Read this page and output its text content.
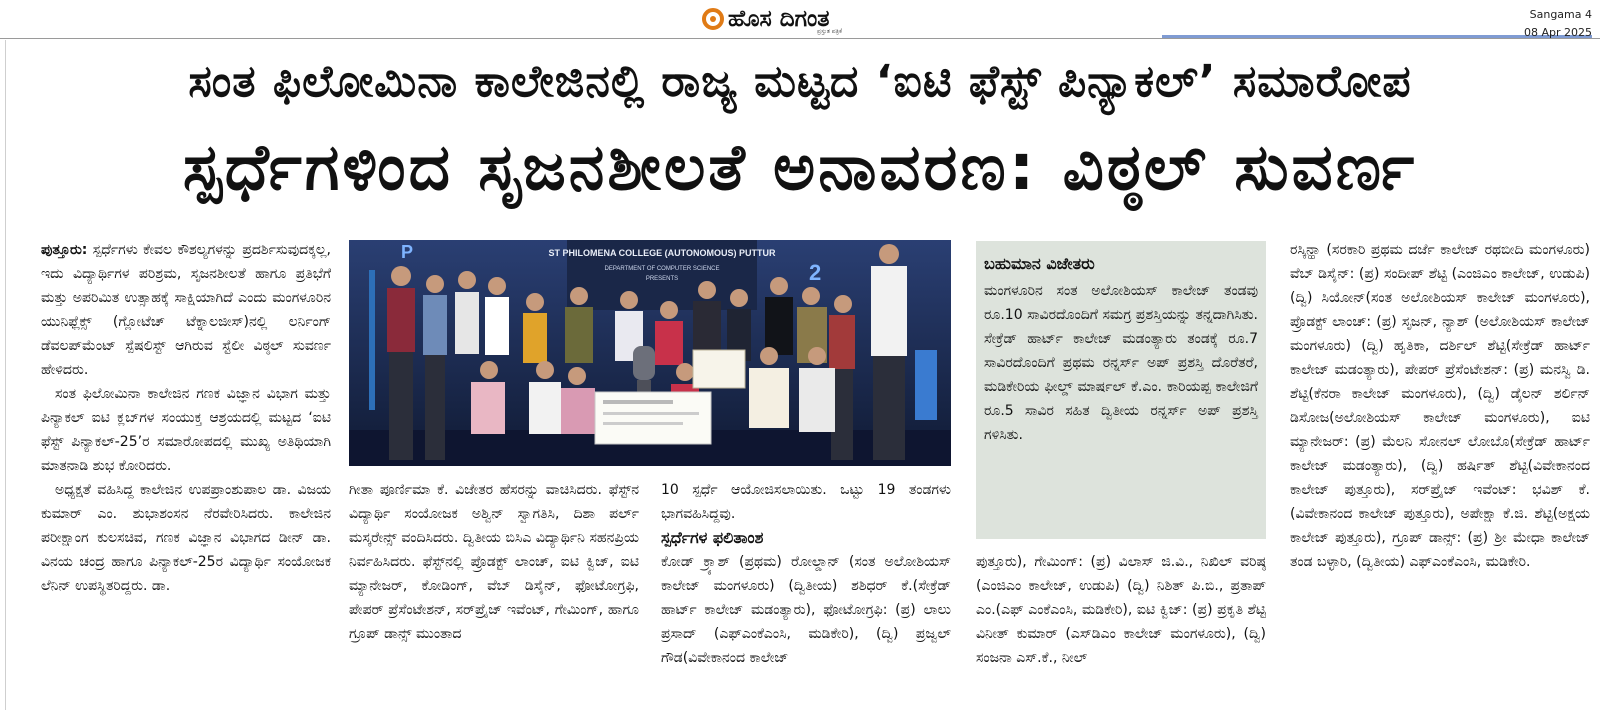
ಹೊಸ ದಿಗಂತ
ಪ್ರಸ್ತುತ ಪತ್ರಿಕೆ
Sangama 4
08 Apr 2025
ಸಂತ ಫಿಲೋಮಿನಾ ಕಾಲೇಜಿನಲ್ಲಿ ರಾಜ್ಯ ಮಟ್ಟದ ‘ಐಟಿ ಫೆಸ್ಟ್ ಪಿನ್ಯಾಕಲ್’ ಸಮಾರೋಪ
ಸ್ಪರ್ಧೆಗಳಿಂದ ಸೃಜನಶೀಲತೆ ಅನಾವರಣ: ವಿಠ್ಠಲ್ ಸುವರ್ಣ

ಪುತ್ತೂರು: ಸ್ಪರ್ಧೆಗಳು ಕೇವಲ ಕೌಶಲ್ಯಗಳನ್ನು ಪ್ರದರ್ಶಿಸುವುದಕ್ಕಲ್ಲ, ಇದು ವಿದ್ಯಾರ್ಥಿಗಳ ಪರಿಶ್ರಮ, ಸೃಜನಶೀಲತೆ ಹಾಗೂ ಪ್ರತಿಭೆಗೆ ಮತ್ತು ಅಪರಿಮಿತ ಉತ್ಸಾಹಕ್ಕೆ ಸಾಕ್ಷಿಯಾಗಿದೆ ಎಂದು ಮಂಗಳೂರಿನ ಯುನಿಫ್ಲೆಕ್ಸ್ (ಗ್ಲೋಟೆಚ್ ಟೆಕ್ನಾಲಜೀಸ್)ನಲ್ಲಿ ಲರ್ನಿಂಗ್ ಡೆವಲಪ್‌ಮೆಂಟ್ ಸ್ಪೆಷಲಿಸ್ಟ್ ಆಗಿರುವ ಸ್ಟೆಲೀ ವಿಠ್ಠಲ್ ಸುವರ್ಣ ಹೇಳಿದರು.

ಸಂತ ಫಿಲೋಮಿನಾ ಕಾಲೇಜಿನ ಗಣಕ ವಿಜ್ಞಾನ ವಿಭಾಗ ಮತ್ತು ಪಿನ್ಯಾಕಲ್ ಐಟಿ ಕ್ಲಬ್‌ಗಳ ಸಂಯುಕ್ತ ಆಶ್ರಯದಲ್ಲಿ ಮಟ್ಟದ ‘ಐಟಿ ಫೆಸ್ಟ್ ಪಿನ್ಯಾಕಲ್-25’ರ ಸಮಾರೋಪದಲ್ಲಿ ಮುಖ್ಯ ಅತಿಥಿಯಾಗಿ ಮಾತನಾಡಿ ಶುಭ ಕೋರಿದರು.

ಅಧ್ಯಕ್ಷತೆ ವಹಿಸಿದ್ದ ಕಾಲೇಜಿನ ಉಪಪ್ರಾಂಶುಪಾಲ ಡಾ. ವಿಜಯ ಕುಮಾರ್ ಎಂ. ಶುಭಾಶಂಸನ ನೆರವೇರಿಸಿದರು. ಕಾಲೇಜಿನ ಪರೀಕ್ಷಾಂಗ ಕುಲಸಚಿವ, ಗಣಕ ವಿಜ್ಞಾನ ವಿಭಾಗದ ಡೀನ್ ಡಾ. ವಿನಯ ಚಂದ್ರ ಹಾಗೂ ಪಿನ್ಯಾಕಲ್-25ರ ವಿದ್ಯಾರ್ಥಿ ಸಂಯೋಜಕ ಲೆನಿನ್ ಉಪಸ್ಥಿತರಿದ್ದರು. ಡಾ.

ST PHILOMENA COLLEGE (AUTONOMOUS) PUTTUR
DEPARTMENT OF COMPUTER SCIENCE
PRESENTS
P
2

ಗೀತಾ ಪೂರ್ಣಿಮಾ ಕೆ. ವಿಜೇತರ ಹೆಸರನ್ನು ವಾಚಿಸಿದರು. ಫೆಸ್ಟ್‌ನ ವಿದ್ಯಾರ್ಥಿ ಸಂಯೋಜಕ ಅಶ್ವಿನ್ ಸ್ವಾಗತಿಸಿ, ದಿಶಾ ಪರ್ಲ್ ಮಸ್ಕರೇನ್ಸ್ ವಂದಿಸಿದರು. ದ್ವಿತೀಯ ಬಿಸಿಎ ವಿದ್ಯಾರ್ಥಿನಿ ಸಹನಪ್ರಿಯ ನಿರ್ವಹಿಸಿದರು. ಫೆಸ್ಟ್‌ನಲ್ಲಿ ಪ್ರೊಡಕ್ಟ್ ಲಾಂಚ್, ಐಟಿ ಕ್ವಿಜ್, ಐಟಿ ಮ್ಯಾನೇಜರ್, ಕೋಡಿಂಗ್, ವೆಬ್ ಡಿಸೈನ್, ಫೋಟೋಗ್ರಫಿ, ಪೇಪರ್ ಪ್ರೆಸೆಂಟೇಶನ್, ಸರ್‌ಪ್ರೈಜ್ ಇವೆಂಟ್, ಗೇಮಿಂಗ್, ಹಾಗೂ ಗ್ರೂಪ್ ಡಾನ್ಸ್ ಮುಂತಾದ

10 ಸ್ಪರ್ಧೆ ಆಯೋಜಿಸಲಾಯಿತು. ಒಟ್ಟು 19 ತಂಡಗಳು ಭಾಗವಹಿಸಿದ್ದವು.

ಸ್ಪರ್ಧೆಗಳ ಫಲಿತಾಂಶ

ಕೋಡ್ ಕ್ರ್ಯಾಶ್ (ಪ್ರಥಮ) ರೋಲ್ಡಾನ್ (ಸಂತ ಅಲೋಶಿಯಸ್ ಕಾಲೇಜ್ ಮಂಗಳೂರು) (ದ್ವಿತೀಯ) ಶಶಿಧರ್ ಕೆ.(ಸೇಕ್ರೆಡ್ ಹಾರ್ಟ್ ಕಾಲೇಜ್ ಮಡಂತ್ಯಾರು), ಫೋಟೋಗ್ರಫಿ: (ಪ್ರ) ಲಾಲು ಪ್ರಸಾದ್ (ಎಫ್‌ಎಂಕೆಎಂಸಿ, ಮಡಿಕೇರಿ), (ದ್ವಿ) ಪ್ರಜ್ವಲ್ ಗೌಡ(ವಿವೇಕಾನಂದ ಕಾಲೇಜ್

ಬಹುಮಾನ ವಿಜೇತರು
ಮಂಗಳೂರಿನ ಸಂತ ಅಲೋಶಿಯಸ್ ಕಾಲೇಜ್ ತಂಡವು ರೂ.10 ಸಾವಿರದೊಂದಿಗೆ ಸಮಗ್ರ ಪ್ರಶಸ್ತಿಯನ್ನು ತನ್ನದಾಗಿಸಿತು. ಸೇಕ್ರೆಡ್ ಹಾರ್ಟ್ ಕಾಲೇಜ್ ಮಡಂತ್ಯಾರು ತಂಡಕ್ಕೆ ರೂ.7 ಸಾವಿರದೊಂದಿಗೆ ಪ್ರಥಮ ರನ್ನರ್ಸ್ ಅಪ್ ಪ್ರಶಸ್ತಿ ದೊರೆತರೆ, ಮಡಿಕೇರಿಯ ಫೀಲ್ಡ್ ಮಾರ್ಷಲ್ ಕೆ.ಎಂ. ಕಾರಿಯಪ್ಪ ಕಾಲೇಜಿಗೆ ರೂ.5 ಸಾವಿರ ಸಹಿತ ದ್ವಿತೀಯ ರನ್ನರ್ಸ್ ಅಪ್ ಪ್ರಶಸ್ತಿ ಗಳಿಸಿತು.

ಪುತ್ತೂರು), ಗೇಮಿಂಗ್: (ಪ್ರ) ವಿಲಾಸ್ ಜಿ.ವಿ., ನಿಖಿಲ್ ವರಿಷ್ಠ (ಎಂಜಿಎಂ ಕಾಲೇಜ್, ಉಡುಪಿ) (ದ್ವಿ) ನಿಶಿತ್ ಪಿ.ಬಿ., ಪ್ರತಾಪ್ ಎಂ.(ಎಫ್ ಎಂಕೆಎಂಸಿ, ಮಡಿಕೇರಿ), ಐಟಿ ಕ್ವಿಜ್: (ಪ್ರ) ಪ್ರಕೃತಿ ಶೆಟ್ಟಿ ವಿನೀತ್ ಕುಮಾರ್ (ಎಸ್‌ಡಿಎಂ ಕಾಲೇಜ್ ಮಂಗಳೂರು), (ದ್ವಿ) ಸಂಜನಾ ಎಸ್.ಕೆ., ನೀಲ್

ರಸ್ಕಿನ್ಹಾ (ಸರಕಾರಿ ಪ್ರಥಮ ದರ್ಜೆ ಕಾಲೇಜ್ ರಥಬೀದಿ ಮಂಗಳೂರು) ವೆಬ್ ಡಿಸೈನ್: (ಪ್ರ) ಸಂದೀಪ್ ಶೆಟ್ಟಿ (ಎಂಜಿಎಂ ಕಾಲೇಜ್, ಉಡುಪಿ) (ದ್ವಿ) ಸಿಯೋನ್(ಸಂತ ಅಲೋಶಿಯಸ್ ಕಾಲೇಜ್ ಮಂಗಳೂರು), ಪ್ರೊಡಕ್ಟ್ ಲಾಂಚ್: (ಪ್ರ) ಸೃಜನ್, ನ್ಯಾಶ್ (ಅಲೋಶಿಯಸ್ ಕಾಲೇಜ್ ಮಂಗಳೂರು) (ದ್ವಿ) ಹೃತಿಕಾ, ದರ್ಶಿಲ್ ಶೆಟ್ಟಿ(ಸೇಕ್ರೆಡ್ ಹಾರ್ಟ್ ಕಾಲೇಜ್ ಮಡಂತ್ಯಾರು), ಪೇಪರ್ ಪ್ರೆಸೆಂಟೇಶನ್: (ಪ್ರ) ಮನಸ್ವಿ ಡಿ. ಶೆಟ್ಟಿ(ಕೆನರಾ ಕಾಲೇಜ್ ಮಂಗಳೂರು), (ದ್ವಿ) ಡೈಲನ್ ಶರ್ಲಿನ್ ಡಿಸೋಜ(ಅಲೋಶಿಯಸ್ ಕಾಲೇಜ್ ಮಂಗಳೂರು), ಐಟಿ ಮ್ಯಾನೇಜರ್: (ಪ್ರ) ಮೆಲನಿ ಸೋನಲ್ ಲೋಬೊ(ಸೇಕ್ರೆಡ್ ಹಾರ್ಟ್ ಕಾಲೇಜ್ ಮಡಂತ್ಯಾರು), (ದ್ವಿ) ಹರ್ಷಿತ್ ಶೆಟ್ಟಿ(ವಿವೇಕಾನಂದ ಕಾಲೇಜ್ ಪುತ್ತೂರು), ಸರ್‌ಪ್ರೈಜ್ ಇವೆಂಟ್: ಭವಿಶ್ ಕೆ. (ವಿವೇಕಾನಂದ ಕಾಲೇಜ್ ಪುತ್ತೂರು), ಅಪೇಕ್ಷಾ ಕೆ.ಜಿ. ಶೆಟ್ಟಿ(ಅಕ್ಷಯ ಕಾಲೇಜ್ ಪುತ್ತೂರು), ಗ್ರೂಪ್ ಡಾನ್ಸ್: (ಪ್ರ) ಶ್ರೀ ಮೇಧಾ ಕಾಲೇಜ್ ತಂಡ ಬಳ್ಳಾರಿ, (ದ್ವಿತೀಯ) ಎಫ್‌ಎಂಕೆಎಂಸಿ, ಮಡಿಕೇರಿ.
